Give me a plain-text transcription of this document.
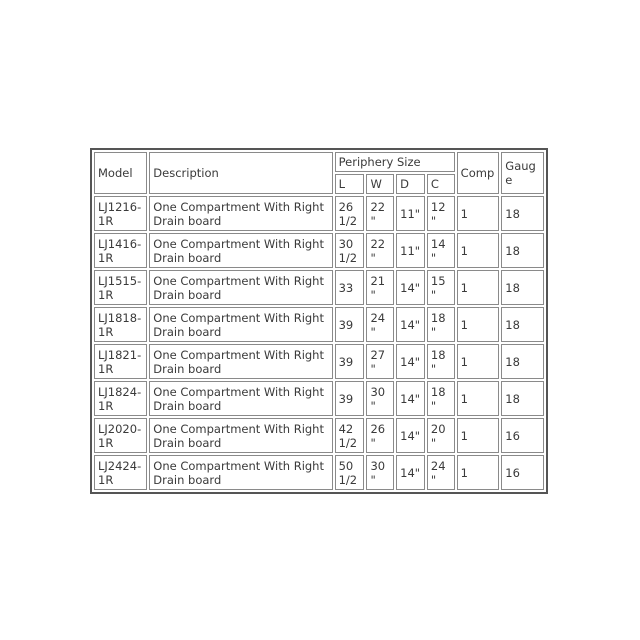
Model	Description	Periphery Size				Comp	Gauge
		L	W	D	C		
LJ1216-1R	One Compartment With Right Drain board	26 1/2	22"	11"	12"	1	18
LJ1416-1R	One Compartment With Right Drain board	30 1/2	22"	11"	14"	1	18
LJ1515-1R	One Compartment With Right Drain board	33	21"	14"	15"	1	18
LJ1818-1R	One Compartment With Right Drain board	39	24"	14"	18"	1	18
LJ1821-1R	One Compartment With Right Drain board	39	27"	14"	18"	1	18
LJ1824-1R	One Compartment With Right Drain board	39	30"	14"	18"	1	18
LJ2020-1R	One Compartment With Right Drain board	42 1/2	26"	14"	20"	1	16
LJ2424-1R	One Compartment With Right Drain board	50 1/2	30"	14"	24"	1	16
